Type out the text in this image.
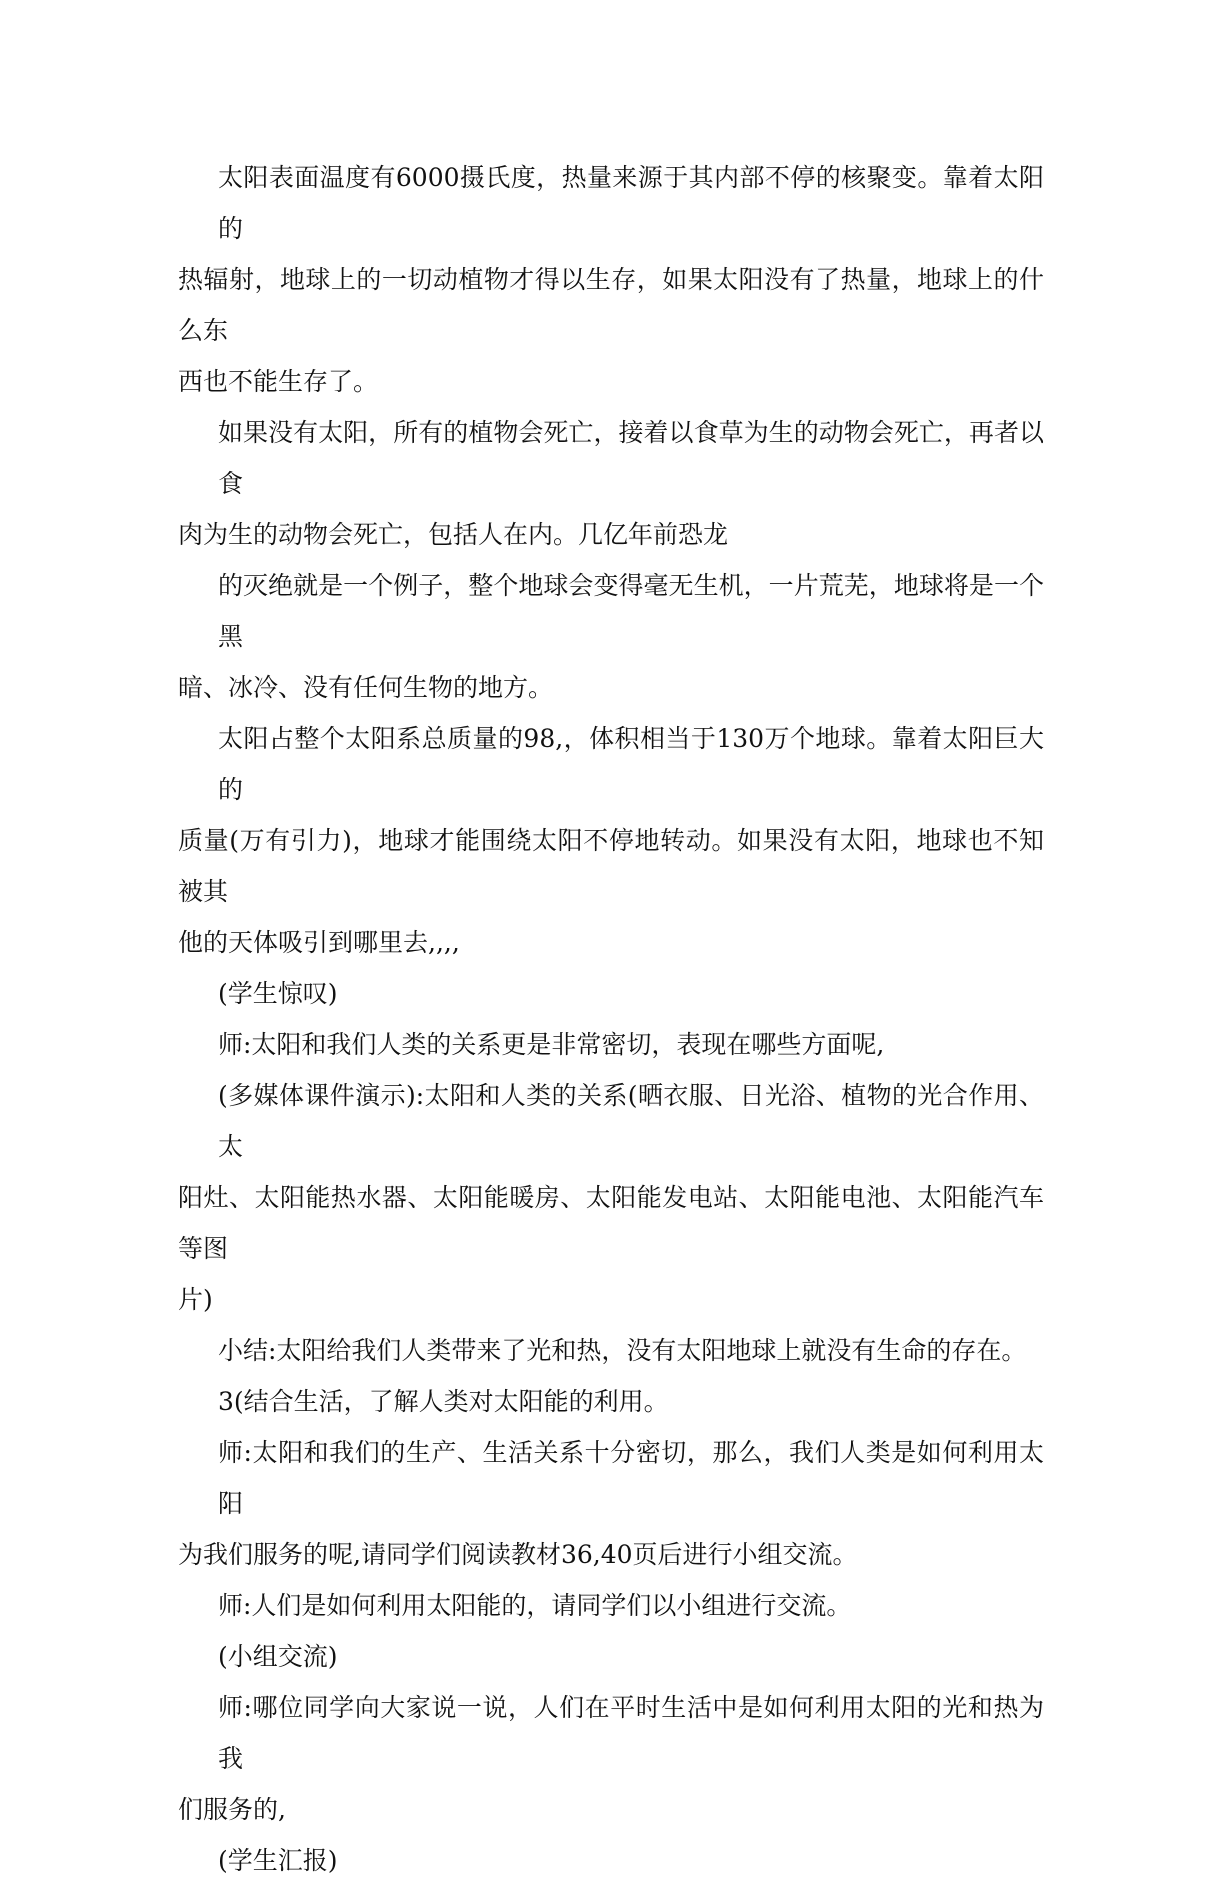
太阳表面温度有6000摄氏度，热量来源于其内部不停的核聚变。靠着太阳的
热辐射，地球上的一切动植物才得以生存，如果太阳没有了热量，地球上的什么东
西也不能生存了。
如果没有太阳，所有的植物会死亡，接着以食草为生的动物会死亡，再者以食
肉为生的动物会死亡，包括人在内。几亿年前恐龙
的灭绝就是一个例子，整个地球会变得毫无生机，一片荒芜，地球将是一个黑
暗、冰冷、没有任何生物的地方。
太阳占整个太阳系总质量的98,，体积相当于130万个地球。靠着太阳巨大的
质量(万有引力)，地球才能围绕太阳不停地转动。如果没有太阳，地球也不知被其
他的天体吸引到哪里去,,,,
(学生惊叹)
师:太阳和我们人类的关系更是非常密切，表现在哪些方面呢,
(多媒体课件演示):太阳和人类的关系(晒衣服、日光浴、植物的光合作用、太
阳灶、太阳能热水器、太阳能暖房、太阳能发电站、太阳能电池、太阳能汽车等图
片)
小结:太阳给我们人类带来了光和热，没有太阳地球上就没有生命的存在。
3(结合生活，了解人类对太阳能的利用。
师:太阳和我们的生产、生活关系十分密切，那么，我们人类是如何利用太阳
为我们服务的呢,请同学们阅读教材36,40页后进行小组交流。
师:人们是如何利用太阳能的，请同学们以小组进行交流。
(小组交流)
师:哪位同学向大家说一说，人们在平时生活中是如何利用太阳的光和热为我
们服务的,
(学生汇报)
